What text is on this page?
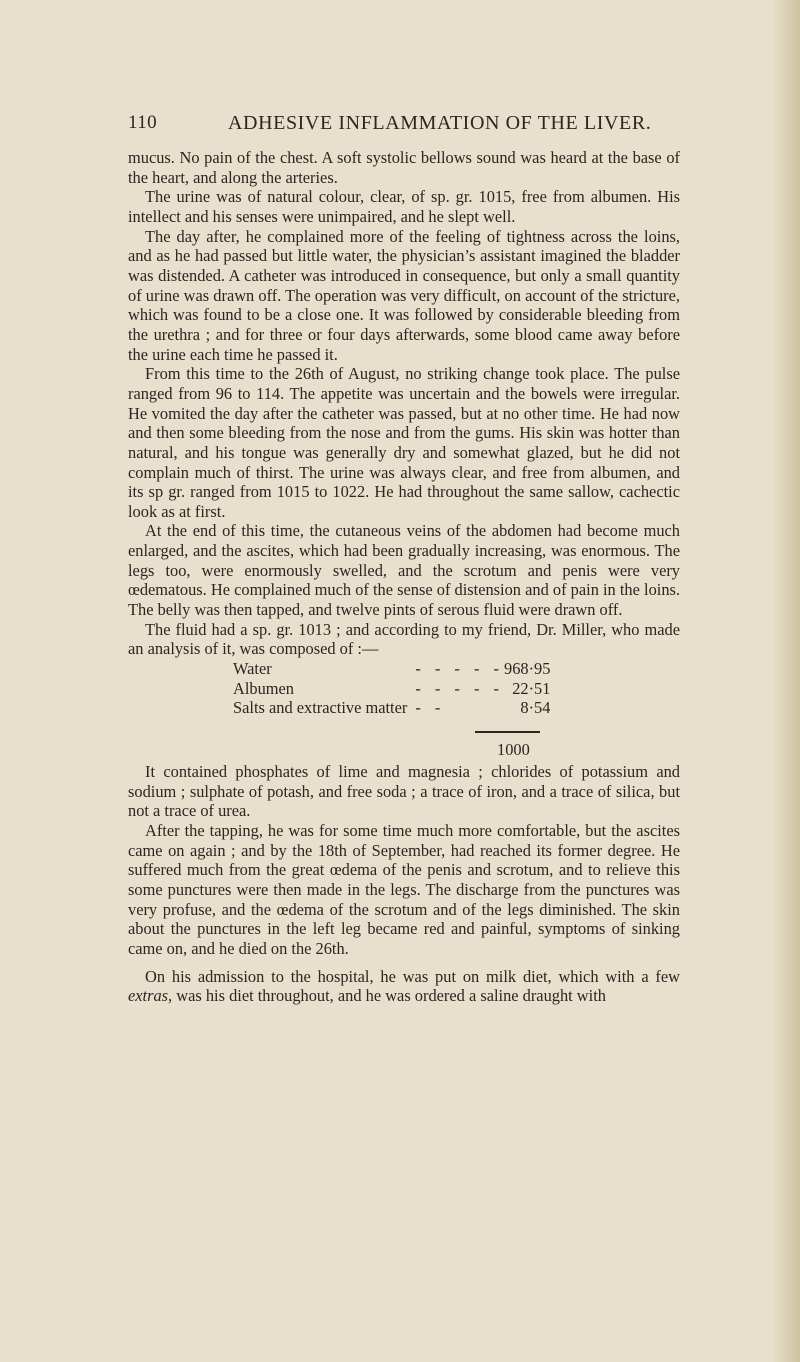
110	ADHESIVE INFLAMMATION OF THE LIVER.

mucus. No pain of the chest. A soft systolic bellows sound was heard at the base of the heart, and along the arteries.

The urine was of natural colour, clear, of sp. gr. 1015, free from albumen. His intellect and his senses were unimpaired, and he slept well.

The day after, he complained more of the feeling of tightness across the loins, and as he had passed but little water, the physician’s assistant imagined the bladder was distended. A catheter was introduced in consequence, but only a small quantity of urine was drawn off. The operation was very difficult, on account of the stricture, which was found to be a close one. It was followed by considerable bleeding from the urethra ; and for three or four days afterwards, some blood came away before the urine each time he passed it.

From this time to the 26th of August, no striking change took place. The pulse ranged from 96 to 114. The appetite was uncertain and the bowels were irregular. He vomited the day after the catheter was passed, but at no other time. He had now and then some bleeding from the nose and from the gums. His skin was hotter than natural, and his tongue was generally dry and somewhat glazed, but he did not complain much of thirst. The urine was always clear, and free from albumen, and its sp gr. ranged from 1015 to 1022. He had throughout the same sallow, cachectic look as at first.

At the end of this time, the cutaneous veins of the abdomen had become much enlarged, and the ascites, which had been gradually increasing, was enormous. The legs too, were enormously swelled, and the scrotum and penis were very œdematous. He complained much of the sense of distension and of pain in the loins. The belly was then tapped, and twelve pints of serous fluid were drawn off.

The fluid had a sp. gr. 1013 ; and according to my friend, Dr. Miller, who made an analysis of it, was composed of :—

Water	- - - - -	968·95
Albumen	- - - - -	22·51
Salts and extractive matter	- -	8·54
1000

It contained phosphates of lime and magnesia ; chlorides of potassium and sodium ; sulphate of potash, and free soda ; a trace of iron, and a trace of silica, but not a trace of urea.

After the tapping, he was for some time much more comfortable, but the ascites came on again ; and by the 18th of September, had reached its former degree. He suffered much from the great œdema of the penis and scrotum, and to relieve this some punctures were then made in the legs. The discharge from the punctures was very profuse, and the œdema of the scrotum and of the legs diminished. The skin about the punctures in the left leg became red and painful, symptoms of sinking came on, and he died on the 26th.

On his admission to the hospital, he was put on milk diet, which with a few extras, was his diet throughout, and he was ordered a saline draught with
